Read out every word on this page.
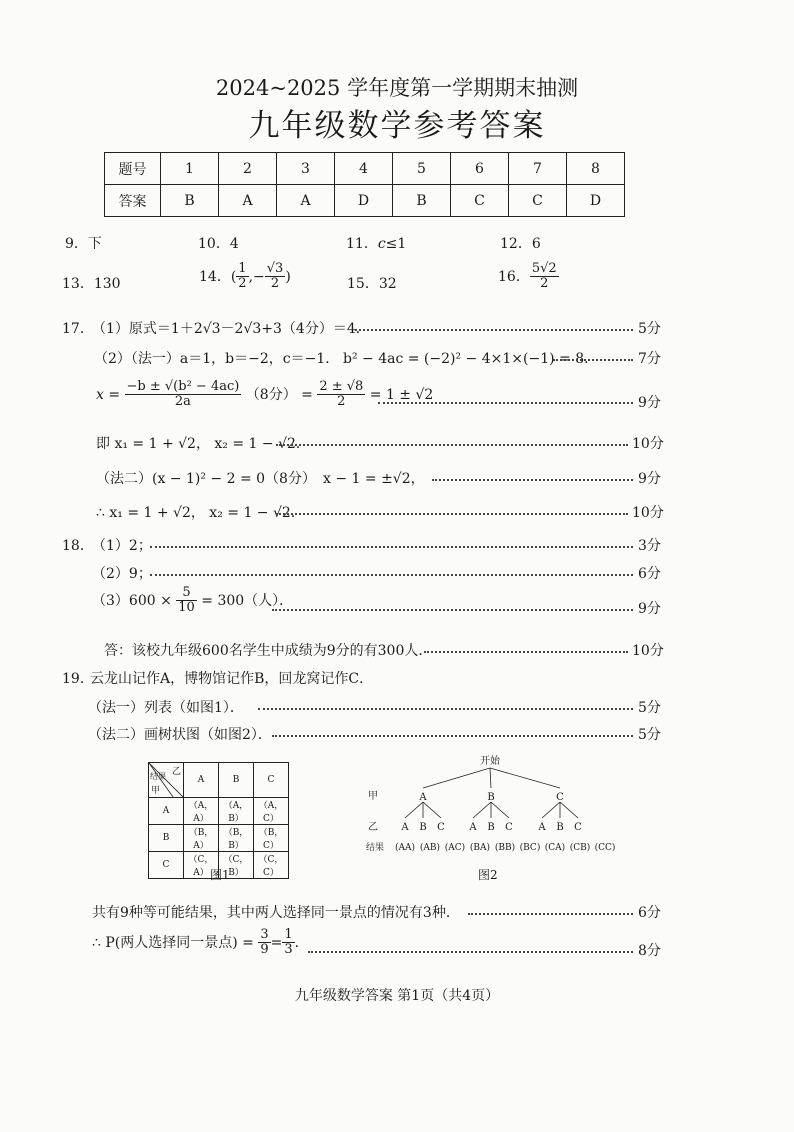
2024~2025 学年度第一学期期末抽测
九年级数学参考答案
题号	1	2	3	4	5	6	7	8
答案	B	A	A	D	B	C	C	D
9．下	10．4	11．c≤1	12．6
13．130	14．( $\frac{1}{2}$ ,− $\frac{√3}{2}$ )	15．32	16． $\frac{5√2}{2}$
17．
（1）原式＝1＋2√3－2√3+3（4分）＝4．	5分
（2）（法一）a＝1，b＝−2，c＝−1． b² − 4ac = (−2)² − 4×1×(−1) = 8．	7分
$x = \frac{\text{−b ± √(b² − 4ac)}}{2a} (8$分） = $\frac{2 \pm √8}{2} = 1 \pm √2$
9分
即 x₁ = 1 + √2， x₂ = 1 − √2．	10分
（法二）(x − 1)² − 2 = 0（8分） x − 1 = ±√2，	9分
∴ x₁ = 1 + √2， x₂ = 1 − √2．	10分
18．
（1）2；	3分
（2）9；	6分
$(3)600 \times \frac{5}{10} = 300$（人）．
9分
答：该校九年级600名学生中成绩为9分的有300人．	10分
19．
云龙山记作A，博物馆记作B，回龙窝记作C．
（法一）列表（如图1）．	5分
（法二）画树状图（如图2）．	5分
乙
结果
甲	A	B	C
A	（A，A）	（A，B）	（A，C）
B	（B，A）	（B，B）	（B，C）
C	（C，A）	（C，B）	（C，C）
图1
开始
甲	A	B	C
乙 A B C A B C	A B C
结果 (AA) (AB) (AC) (BA) (BB) (BC) (CA) (CB) (CC)
图2
共有9种等可能结果，其中两人选择同一景点的情况有3种．	6分
∴ P(两人选择同一景点) = $\frac{3}{9} = \frac{1}{3}$ ．
8分
九年级数学答案 第1页（共4页）
